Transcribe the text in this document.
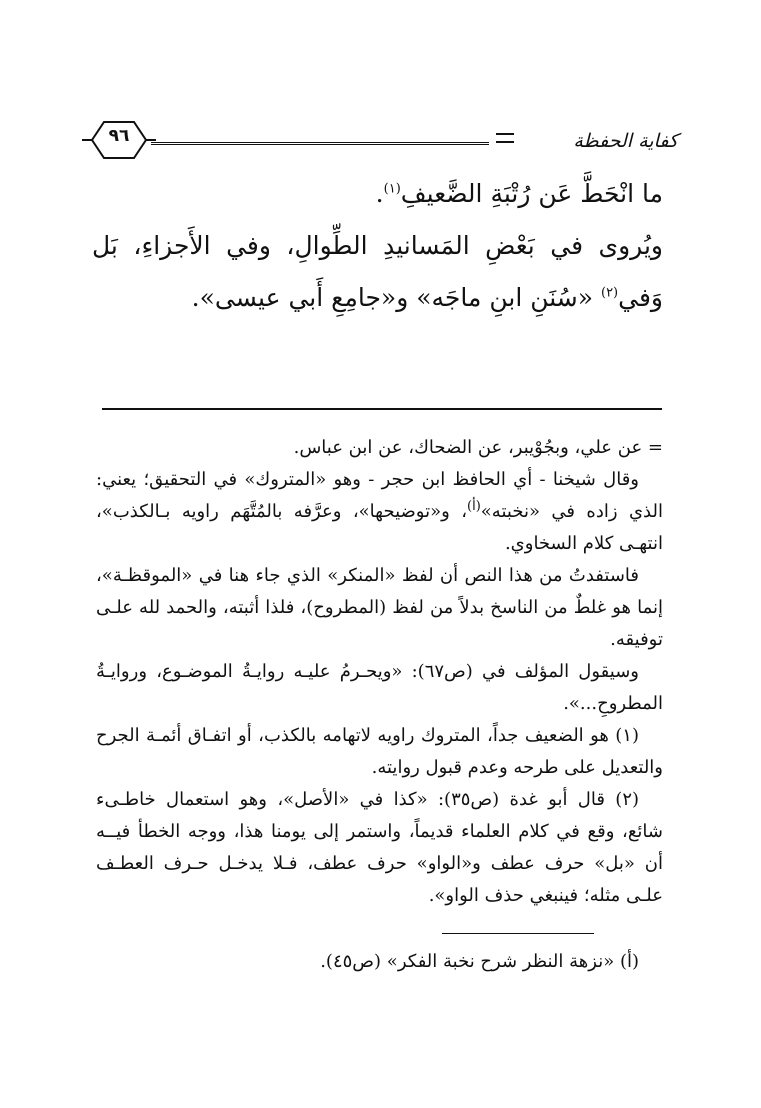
٩٦	كفاية الحفظة

ما انْحَطَّ عَن رُتْبَةِ الضَّعيفِ$^{(١)}$.

ويُروى في بَعْضِ المَسانيدِ الطِّوالِ، وفي الأَجزاءِ، بَل وَفي$^{(٢)}$ «سُنَنِ ابنِ ماجَه» و«جامِعِ أَبي عيسى».

= عن علي، وبجُوْيبر، عن الضحاك، عن ابن عباس.

وقال شيخنا - أي الحافظ ابن حجر - وهو «المتروك» في التحقيق؛ يعني: الذي زاده في «نخبته»$^{(أ)}$، و«توضيحها»، وعرَّفه بالمُتَّهَم راويه بـالكذب»، انتهـى كلام السخاوي.

فاستفدتُ من هذا النص أن لفظ «المنكر» الذي جاء هنا في «الموقظـة»، إنما هو غلطٌ من الناسخ بدلاً من لفظ (المطروح)، فلذا أثبته، والحمد لله علـى توفيقه.

وسيقول المؤلف في (ص٦٧): «ويحـرمُ عليـه روايـةُ الموضـوع، وروايـةُ المطروحِ...».

(١) هو الضعيف جداً، المتروك راويه لاتهامه بالكذب، أو اتفـاق أئمـة الجرح والتعديل على طرحه وعدم قبول روايته.

(٢) قال أبو غدة (ص٣٥): «كذا في «الأصل»، وهو استعمال خاطـىء شائع، وقع في كلام العلماء قديماً، واستمر إلى يومنا هذا، ووجه الخطأ فيــه أن «بل» حرف عطف و«الواو» حرف عطف، فـلا يدخـل حـرف العطـف علـى مثله؛ فينبغي حذف الواو».

(أ) «نزهة النظر شرح نخبة الفكر» (ص٤٥).
